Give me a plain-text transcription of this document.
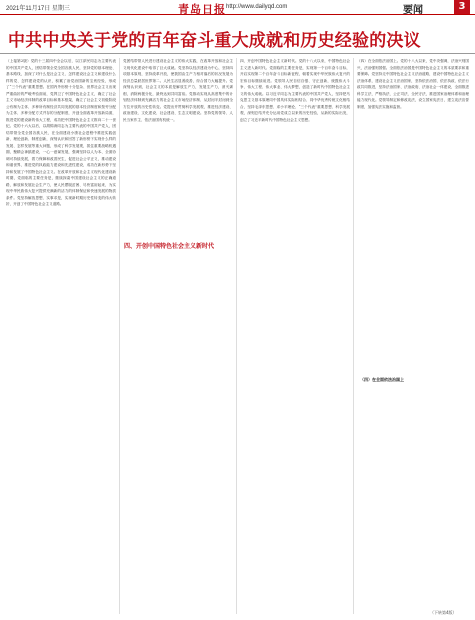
2021年11月17日 星期三	青岛日报 http://www.dailyqd.com	要闻	3
中共中央关于党的百年奋斗重大成就和历史经验的决议

（上接第2版）党的十三届四中全会以后，以江泽民同志为主要代表的中国共产党人，团结带领全党全国各族人民，坚持党的基本理论、基本路线，加深了对什么是社会主义、怎样建设社会主义和建设什么样的党、怎样建设党的认识，积累了治党治国新的宝贵经验，形成了“三个代表”重要思想。在国内外形势十分复杂、世界社会主义出现严重曲折的严峻考验面前，党捍卫了中国特色社会主义，确立了社会主义市场经济体制的改革目标和基本框架，确立了社会主义初级阶段公有制为主体、多种所有制经济共同发展的基本经济制度和按劳分配为主体、多种分配方式并存的分配制度，开创全面改革开放新局面，推进党的建设新的伟大工程，成功把中国特色社会主义推向二十一世纪。党的十六大以后，以胡锦涛同志为主要代表的中国共产党人，团结带领全党全国各族人民，在全面建设小康社会进程中推进实践创新、理论创新、制度创新，深刻认识和回答了新形势下实现什么样的发展、怎样发展等重大问题，形成了科学发展观，抓住重要战略机遇期，聚精会神搞建设，一心一意谋发展，强调坚持以人为本、全面协调可持续发展，着力保障和改善民生，促进社会公平正义，推动建设和谐世界，推进党的执政能力建设和先进性建设，成功在新形势下坚持和发展了中国特色社会主义。在改革开放和社会主义现代化建设新时期，党面临的主要任务是，继续探索中国建设社会主义的正确道路，解放和发展社会生产力，使人民摆脱贫困、尽快富裕起来，为实现中华民族伟大复兴提供充满新的活力的体制保证和快速发展的物质条件。党坚持解放思想、实事求是，实现新时期历史性转变的伟大转折，开创了中国特色社会主义道路。

党团结带领人民进行建设社会主义的伟大实践，在改革开放和社会主义现代化建设中取得了巨大成就。党坚持以经济建设为中心，坚持四项基本原则，坚持改革开放，使我国由生产力相对落后的状况发展为经济总量跃居世界第二。人民生活显著改善，综合国力大幅提升。党深刻认识到，社会主义的本质是解放生产力，发展生产力，消灭剥削，消除两极分化，最终达到共同富裕。党推动实现从高度集中的计划经济体制到充满活力的社会主义市场经济体制、从封闭半封闭到全方位开放的历史性转变。党提出并贯彻科学发展观，推进经济建设、政治建设、文化建设、社会建设、生态文明建设。坚持党的领导、人民当家作主、依法治国有机统一。

四、开创中国特色社会主义新时代

四、开创中国特色社会主义新时代。党的十八大以来，中国特色社会主义进入新时代。党面临的主要任务是，实现第一个百年奋斗目标，开启实现第二个百年奋斗目标新征程，朝着实现中华民族伟大复兴的宏伟目标继续前进。党领导人民自信自强、守正创新，统揽伟大斗争、伟大工程、伟大事业、伟大梦想，创造了新时代中国特色社会主义的伟大成就。以习近平同志为主要代表的中国共产党人，坚持把马克思主义基本原理同中国具体实际相结合、同中华优秀传统文化相结合，坚持毛泽东思想、邓小平理论、“三个代表”重要思想、科学发展观，深刻总结并充分运用党成立以来的历史经验，从新的实际出发，创立了习近平新时代中国特色社会主义思想。

（四）在全面依法治国上。党的十八大以来，党中央强调，法治兴则国兴，法治强则国强。全面依法治国是中国特色社会主义的本质要求和重要保障。党坚持走中国特色社会主义法治道路，建设中国特色社会主义法治体系，建设社会主义法治国家，坚持依法治国、依法执政、依法行政共同推进，坚持法治国家、法治政府、法治社会一体建设，全面推进科学立法、严格执法、公正司法、全民守法，推进国家治理体系和治理能力现代化。党领导制定和修改宪法，设立国家宪法日，建立宪法宣誓制度，加强宪法实施和监督。

（四）在全面依法治国上
（下转第4版）
